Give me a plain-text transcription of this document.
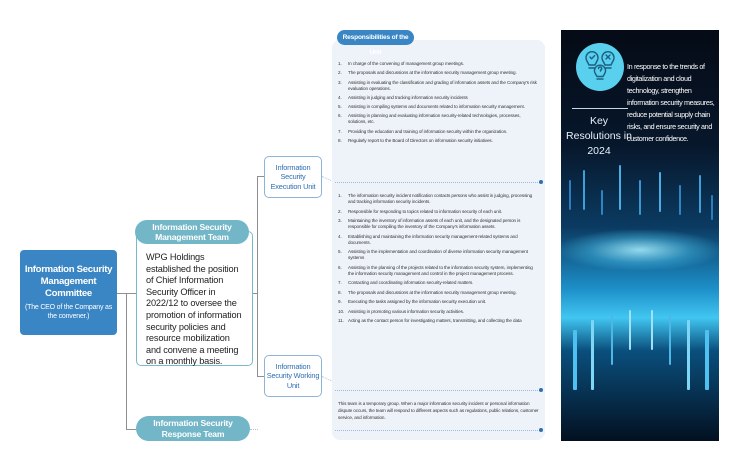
Information Security Management Committee
(The CEO of the Company as the convener.)
WPG Holdings established the position of Chief Information Security Officer in 2022/12 to oversee the promotion of information security policies and resource mobilization and convene a meeting on a monthly basis.
Information Security Management Team
Information Security Response Team
Information Security Execution Unit
Information Security Working Unit
Responsibilities of the Unit
1.	In charge of the convening of management group meetings.
2.	The proposals and discussions at the information security management group meeting.
3.	Assisting in evaluating the classification and grading of information assets and the Company's risk evaluation operations.
4.	Assisting in judging and tracking information security incidents
5.	Assisting in compiling systems and documents related to information security management.
6.	Assisting in planning and evaluating information security-related technologies, processes, solutions, etc.
7.	Providing the education and training of information security within the organization.
8.	Regularly report to the Board of Directors on information security initiatives.
1.	The information security incident notification contacts persons who assist in judging, processing and tracking information security incidents.
2.	Responsible for responding to topics related to information security of each unit.
3.	Maintaining the inventory of information assets of each unit, and the designated person is responsible for compiling the inventory of the Company's information assets.
4.	Establishing and maintaining the information security management-related systems and documents.
5.	Assisting in the implementation and coordination of diverse information security management systems
6.	Assisting in the planning of the projects related to the information security system, implementing the information security management and control in the project management process.
7.	Contacting and coordinating information security-related matters.
8.	The proposals and discussions at the information security management group meeting.
9.	Executing the tasks assigned by the information security execution unit.
10. Assisting in promoting various information security activities.
11. Acting as the contact person for investigating matters, transmitting, and collecting the data
This team is a temporary group. When a major information security incident or personal information dispute occurs, the team will respond to different aspects such as regulations, public relations, customer service, and information.
Key Resolutions in 2024
In response to the trends of digitalization and cloud technology, strengthen information security measures, reduce potential supply chain risks, and ensure security and customer confidence.
